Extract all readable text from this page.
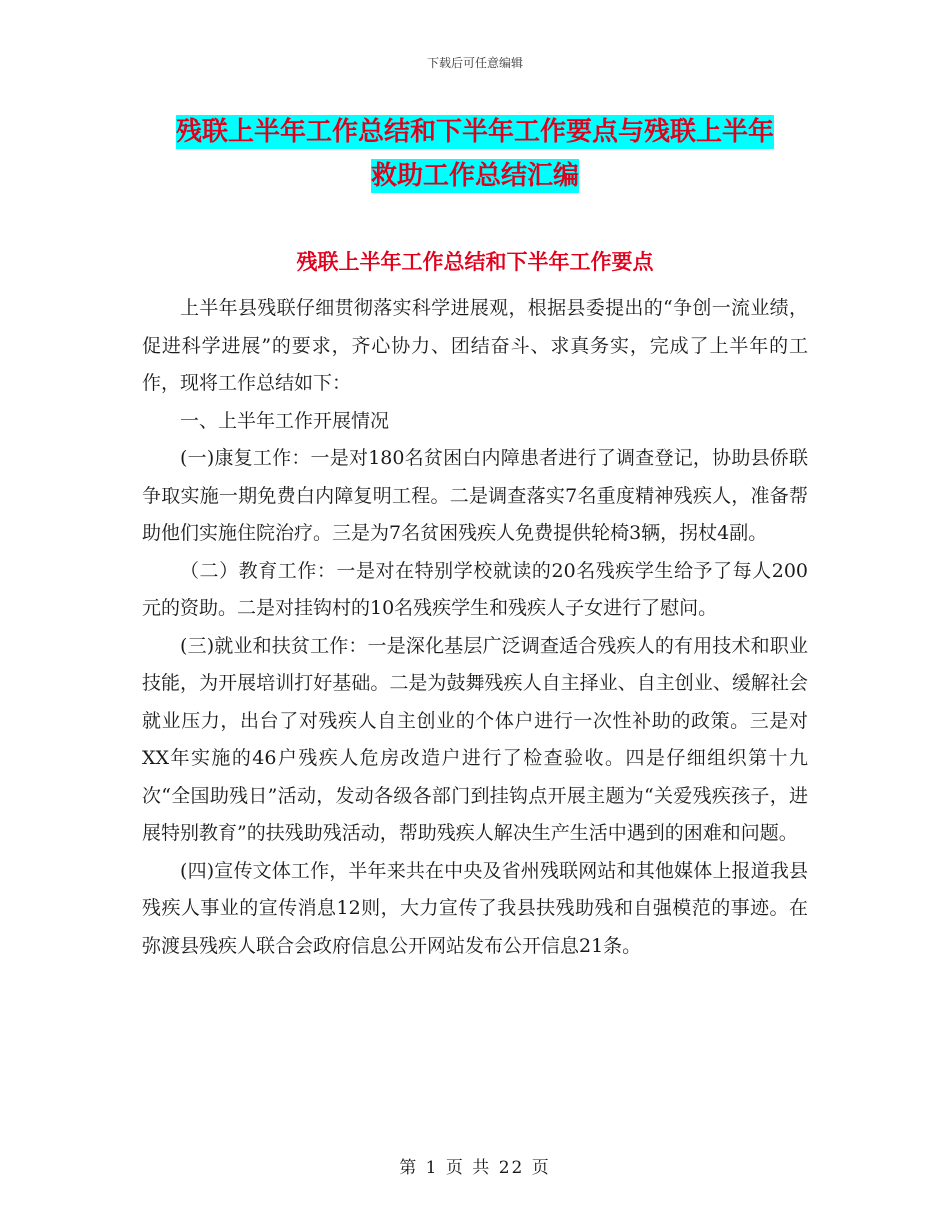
下载后可任意编辑
残联上半年工作总结和下半年工作要点与残联上半年
救助工作总结汇编
残联上半年工作总结和下半年工作要点

上半年县残联仔细贯彻落实科学进展观，根据县委提出的“争创一流业绩，促进科学进展”的要求，齐心协力、团结奋斗、求真务实，完成了上半年的工作，现将工作总结如下：

一、上半年工作开展情况

(一)康复工作：一是对180名贫困白内障患者进行了调查登记，协助县侨联争取实施一期免费白内障复明工程。二是调查落实7名重度精神残疾人，准备帮助他们实施住院治疗。三是为7名贫困残疾人免费提供轮椅3辆，拐杖4副。

（二）教育工作：一是对在特别学校就读的20名残疾学生给予了每人200元的资助。二是对挂钩村的10名残疾学生和残疾人子女进行了慰问。

(三)就业和扶贫工作：一是深化基层广泛调查适合残疾人的有用技术和职业技能，为开展培训打好基础。二是为鼓舞残疾人自主择业、自主创业、缓解社会就业压力，出台了对残疾人自主创业的个体户进行一次性补助的政策。三是对XX年实施的46户残疾人危房改造户进行了检查验收。四是仔细组织第十九次“全国助残日”活动，发动各级各部门到挂钩点开展主题为“关爱残疾孩子，进展特别教育”的扶残助残活动，帮助残疾人解决生产生活中遇到的困难和问题。

(四)宣传文体工作，半年来共在中央及省州残联网站和其他媒体上报道我县残疾人事业的宣传消息12则，大力宣传了我县扶残助残和自强模范的事迹。在弥渡县残疾人联合会政府信息公开网站发布公开信息21条。

第 1 页 共 22 页
